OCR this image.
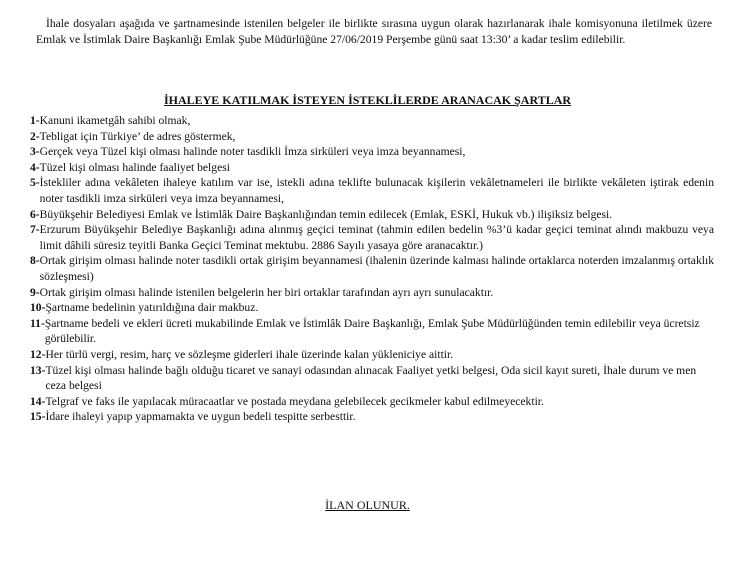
İhale dosyaları aşağıda ve şartnamesinde istenilen belgeler ile birlikte sırasına uygun olarak hazırlanarak ihale komisyonuna iletilmek üzere Emlak ve İstimlak Daire Başkanlığı Emlak Şube Müdürlüğüne 27/06/2019 Perşembe günü saat 13:30’ a kadar teslim edilebilir.

İHALEYE KATILMAK İSTEYEN İSTEKLİLERDE ARANACAK ŞARTLAR
1- Kanuni ikametgâh sahibi olmak,
2- Tebligat için Türkiye’ de adres göstermek,
3- Gerçek veya Tüzel kişi olması halinde noter tasdikli İmza sirküleri veya imza beyannamesi,
4- Tüzel kişi olması halinde faaliyet belgesi
5- İstekliler adına vekâleten ihaleye katılım var ise, istekli adına teklifte bulunacak kişilerin vekâletnameleri ile birlikte vekâleten iştirak edenin noter tasdikli imza sirküleri veya imza beyannamesi,
6- Büyükşehir Belediyesi Emlak ve İstimlâk Daire Başkanlığından temin edilecek (Emlak, ESKİ, Hukuk vb.) ilişiksiz belgesi.
7- Erzurum Büyükşehir Belediye Başkanlığı adına alınmış geçici teminat (tahmin edilen bedelin %3’ü kadar geçici teminat alındı makbuzu veya limit dâhili süresiz teyitli Banka Geçici Teminat mektubu. 2886 Sayılı yasaya göre aranacaktır.)
8- Ortak girişim olması halinde noter tasdikli ortak girişim beyannamesi (ihalenin üzerinde kalması halinde ortaklarca noterden imzalanmış ortaklık sözleşmesi)
9- Ortak girişim olması halinde istenilen belgelerin her biri ortaklar tarafından ayrı ayrı sunulacaktır.
10- Şartname bedelinin yatırıldığına dair makbuz.
11- Şartname bedeli ve ekleri ücreti mukabilinde Emlak ve İstimlâk Daire Başkanlığı, Emlak Şube Müdürlüğünden temin edilebilir veya ücretsiz görülebilir.
12- Her türlü vergi, resim, harç ve sözleşme giderleri ihale üzerinde kalan yükleniciye aittir.
13- Tüzel kişi olması halinde bağlı olduğu ticaret ve sanayi odasından alınacak Faaliyet yetki belgesi, Oda sicil kayıt sureti, İhale durum ve men ceza belgesi
14- Telgraf ve faks ile yapılacak müracaatlar ve postada meydana gelebilecek gecikmeler kabul edilmeyecektir.
15- İdare ihaleyi yapıp yapmamakta ve uygun bedeli tespitte serbesttir.
İLAN OLUNUR.
